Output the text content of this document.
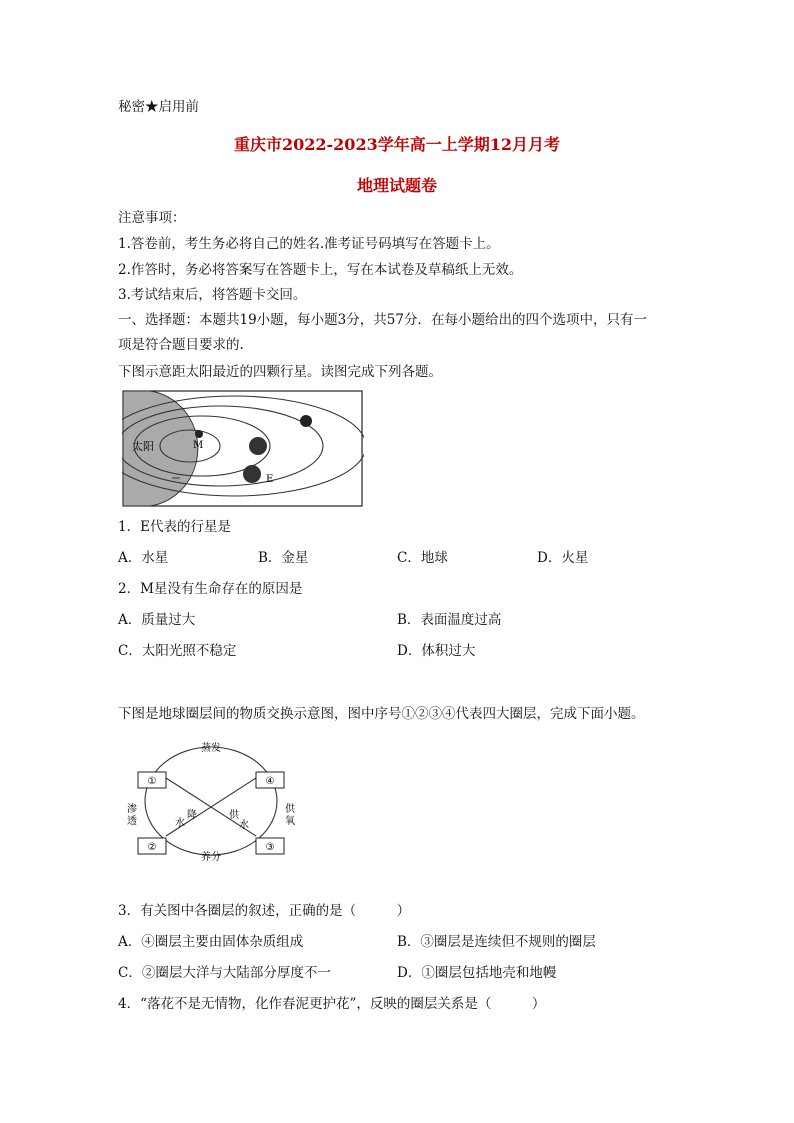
秘密★启用前
重庆市2022-2023学年高一上学期12月月考
地理试题卷
注意事项：
1.答卷前，考生务必将自己的姓名.准考证号码填写在答题卡上。
2.作答时，务必将答案写在答题卡上，写在本试卷及草稿纸上无效。
3.考试结束后，将答题卡交回。
一、选择题：本题共19小题，每小题3分，共57分．在每小题给出的四个选项中，只有一
项是符合题目要求的.
下图示意距太阳最近的四颗行星。读图完成下列各题。
太阳	M
E
1．E代表的行星是
A．水星	B．金星	C．地球	D．火星
2．M星没有生命存在的原因是
A．质量过大	B．表面温度过高
C．太阳光照不稳定	D．体积过大
下图是地球圈层间的物质交换示意图，图中序号①②③④代表四大圈层，完成下面小题。
①	④
②	③
蒸发
养分
渗
透
供
氧
水
降	供
水
3．有关图中各圈层的叙述，正确的是（　　　）
A．④圈层主要由固体杂质组成	B．③圈层是连续但不规则的圈层
C．②圈层大洋与大陆部分厚度不一	D．①圈层包括地壳和地幔
4．“落花不是无情物，化作春泥更护花”，反映的圈层关系是（　　　）
